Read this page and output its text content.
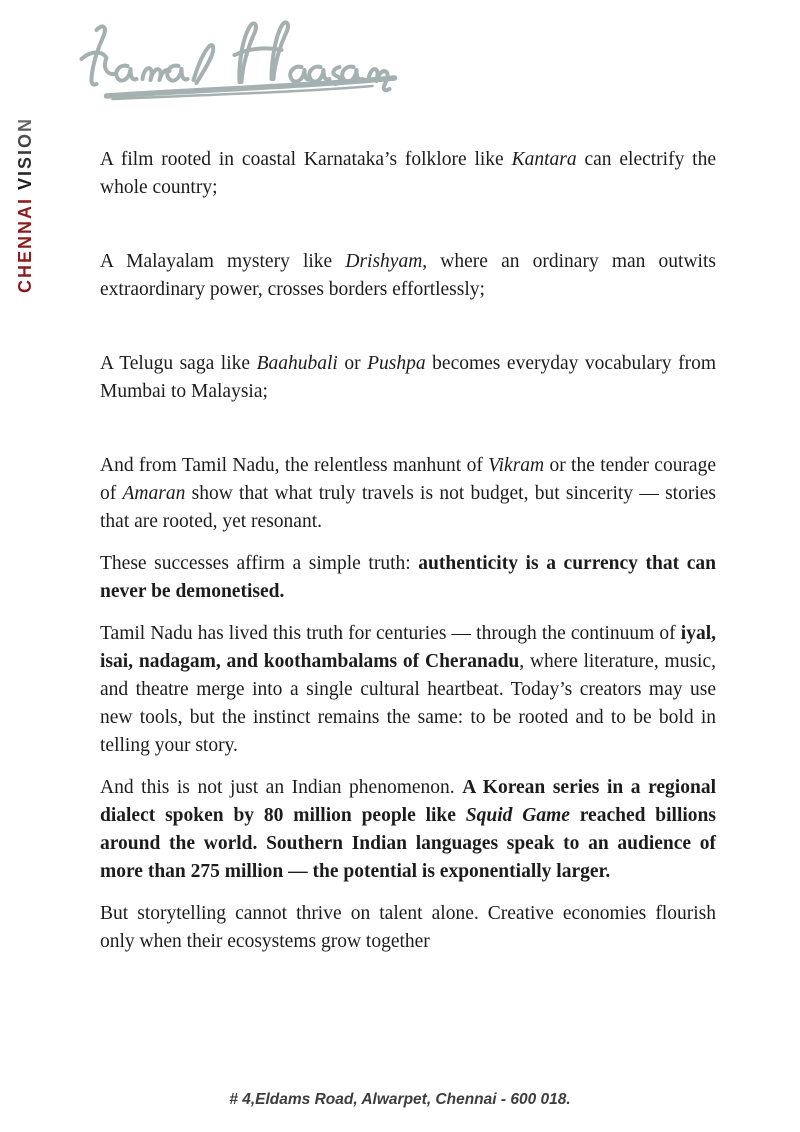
CHENNAIVISION	A film rooted in coastal Karnataka’s folklore like Kantara can electrify the whole country;

A Malayalam mystery like Drishyam, where an ordinary man outwits extraordinary power, crosses borders effortlessly;

A Telugu saga like Baahubali or Pushpa becomes everyday vocabulary from Mumbai to Malaysia;

And from Tamil Nadu, the relentless manhunt of Vikram or the tender courage of Amaran show that what truly travels is not budget, but sincerity — stories that are rooted, yet resonant.

These successes affirm a simple truth: authenticity is a currency that can never be demonetised.

Tamil Nadu has lived this truth for centuries — through the continuum of iyal, isai, nadagam, and koothambalams of Cheranadu, where literature, music, and theatre merge into a single cultural heartbeat. Today’s creators may use new tools, but the instinct remains the same: to be rooted and to be bold in telling your story.

And this is not just an Indian phenomenon. A Korean series in a regional dialect spoken by 80 million people like Squid Game reached billions around the world. Southern Indian languages speak to an audience of more than 275 million — the potential is exponentially larger.

But storytelling cannot thrive on talent alone. Creative economies flourish only when their ecosystems grow together

# 4,Eldams Road, Alwarpet, Chennai - 600 018.
